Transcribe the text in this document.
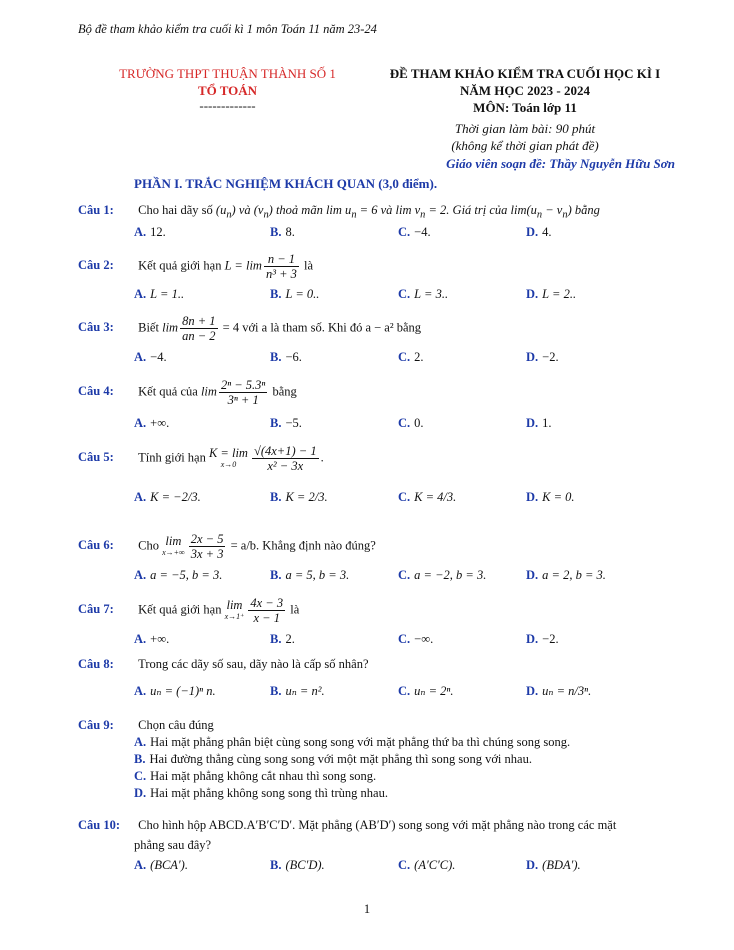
Bộ đề tham khảo kiểm tra cuối kì 1 môn Toán 11 năm 23-24
TRƯỜNG THPT THUẬN THÀNH SỐ 1
TỔ TOÁN
-------------
ĐỀ THAM KHẢO KIỂM TRA CUỐI HỌC KÌ I
NĂM HỌC 2023 - 2024
MÔN: Toán lớp 11
Thời gian làm bài: 90 phút
(không kể thời gian phát đề)
Giáo viên soạn đề: Thầy Nguyễn Hữu Sơn
PHẦN I. TRẮC NGHIỆM KHÁCH QUAN (3,0 điểm).
Câu 1: Cho hai dãy số $(u_n)$ và $(v_n)$ thoả mãn $\lim u_n = 6$ và $\lim v_n = 2$. Giá trị của $\lim(u_n - v_n)$ bằng
A. 12.	B. 8.	C. −4.	D. 4.
Câu 2: Kết quả giới hạn $L = \lim \frac{n - 1}{\text{n³ + 3}}$ là
A. L = 1..	B. L = 0..	C. L = 3..	D. L = 2..
Câu 3: Biết $\lim \frac{8n + 1}{an - 2} = 4$ với a là tham số. Khi đó a − a² bằng
A. −4.	B. −6.	C. 2.	D. −2.
Câu 4: Kết quả của $\lim \frac{\text{2ⁿ − 5.3ⁿ}}{\text{3ⁿ + 1}}$ bằng
A. +∞.	B. −5.	C. 0.	D. 1.
Câu 5: Tính giới hạn K = lim
x→0	$\frac{√(4x+1) - 1}{\text{x² − 3x}}$ .
A. K = −2/3.	B. K = 2/3.	C. K = 4/3.	D. K = 0.
Câu 6: Cho lim
$x\to+\infty \frac{2x - 5}{3x + 3} = a/b$. Khẳng định nào đúng?
A. a = −5, b = 3.	B. a = 5, b = 3.	C. a = −2, b = 3.	D. a = 2, b = 3.
Câu 7: Kết quả giới hạn lim
$x\to 1^+ \frac{4x - 3}{x - 1}$ là
A. +∞.	B. 2.	C. −∞.	D. −2.
Câu 8: Trong các dãy số sau, dãy nào là cấp số nhân?
A. uₙ = (−1)ⁿ n.	B. uₙ = n².	C. uₙ = 2ⁿ.	D. uₙ = n/3ⁿ.
Câu 9: Chọn câu đúng
A. Hai mặt phẳng phân biệt cùng song song với mặt phẳng thứ ba thì chúng song song.
B. Hai đường thẳng cùng song song với một mặt phẳng thì song song với nhau.
C. Hai mặt phẳng không cắt nhau thì song song.
D. Hai mặt phẳng không song song thì trùng nhau.
Câu 10: Cho hình hộp ABCD.A′B′C′D′. Mặt phẳng (AB′D′) song song với mặt phẳng nào trong các mặt
phẳng sau đây?
A. (BCA′).	B. (BC′D).	C. (A′C′C).	D. (BDA′).
1
